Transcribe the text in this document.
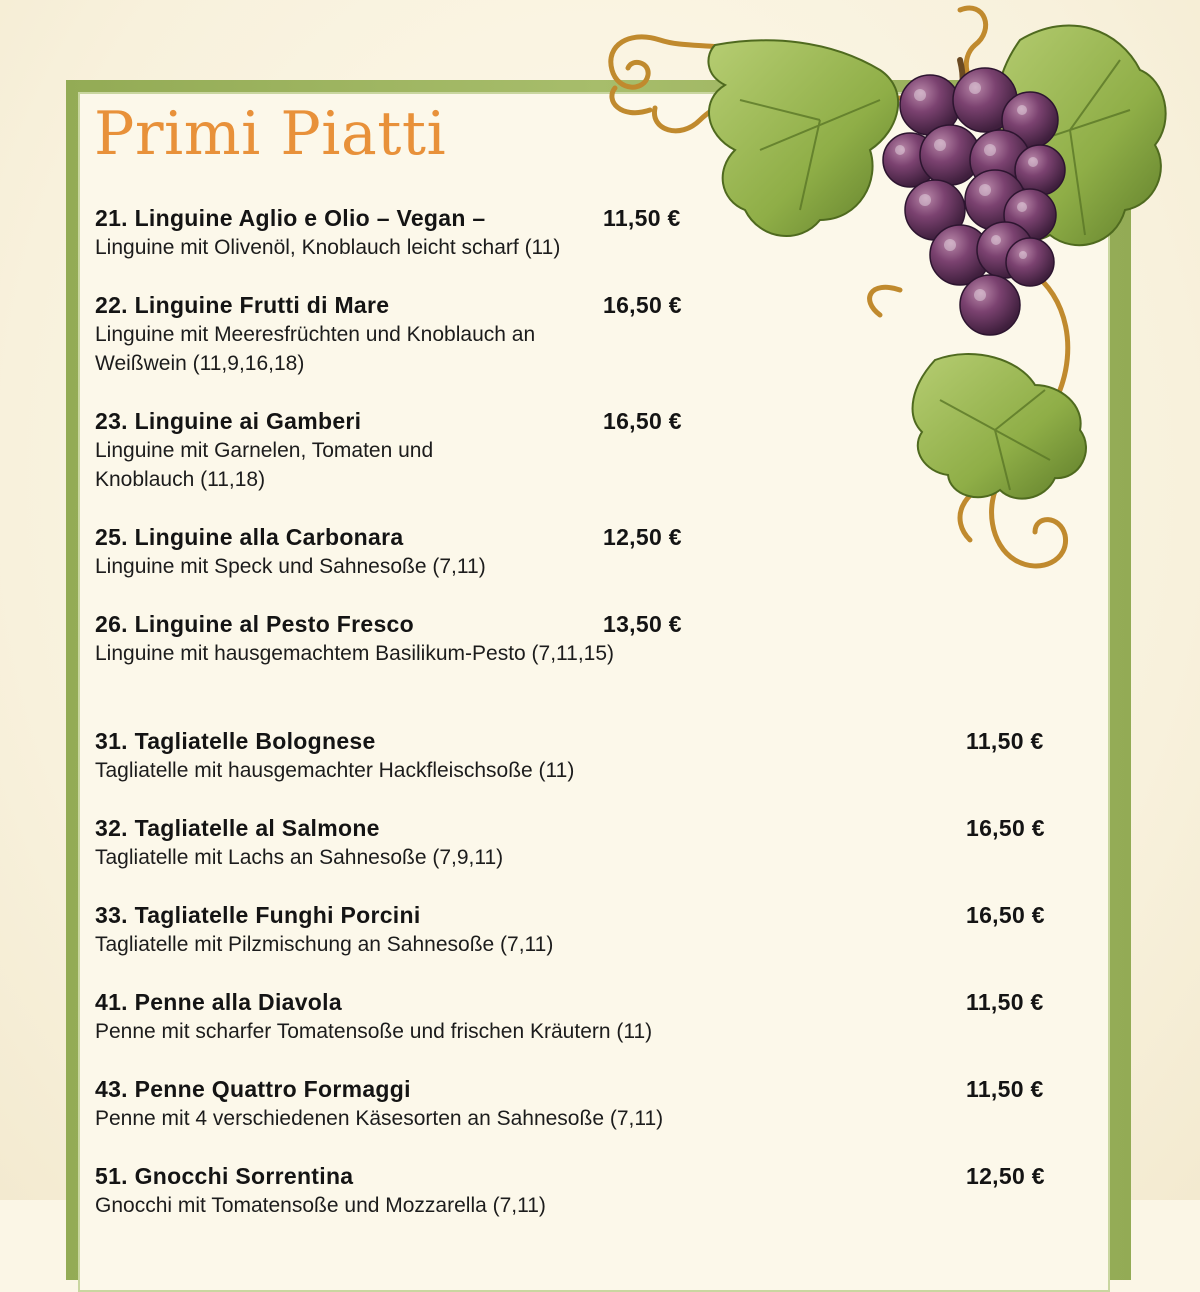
Primi Piatti
21. Linguine Aglio e Olio – Vegan –	11,50 €
Linguine mit Olivenöl, Knoblauch leicht scharf (11)
22. Linguine Frutti di Mare	16,50 €
Linguine mit Meeresfrüchten und Knoblauch an Weißwein (11,9,16,18)
23. Linguine ai Gamberi	16,50 €
Linguine mit Garnelen, Tomaten und Knoblauch (11,18)
25. Linguine alla Carbonara	12,50 €
Linguine mit Speck und Sahnesoße (7,11)
26. Linguine al Pesto Fresco	13,50 €
Linguine mit hausgemachtem Basilikum-Pesto (7,11,15)
31. Tagliatelle Bolognese	11,50 €
Tagliatelle mit hausgemachter Hackfleischsoße (11)
32. Tagliatelle al Salmone	16,50 €
Tagliatelle mit Lachs an Sahnesoße (7,9,11)
33. Tagliatelle Funghi Porcini	16,50 €
Tagliatelle mit Pilzmischung an Sahnesoße (7,11)
41. Penne alla Diavola	11,50 €
Penne mit scharfer Tomatensoße und frischen Kräutern (11)
43. Penne Quattro Formaggi	11,50 €
Penne mit 4 verschiedenen Käsesorten an Sahnesoße (7,11)
51. Gnocchi Sorrentina	12,50 €
Gnocchi mit Tomatensoße und Mozzarella (7,11)
